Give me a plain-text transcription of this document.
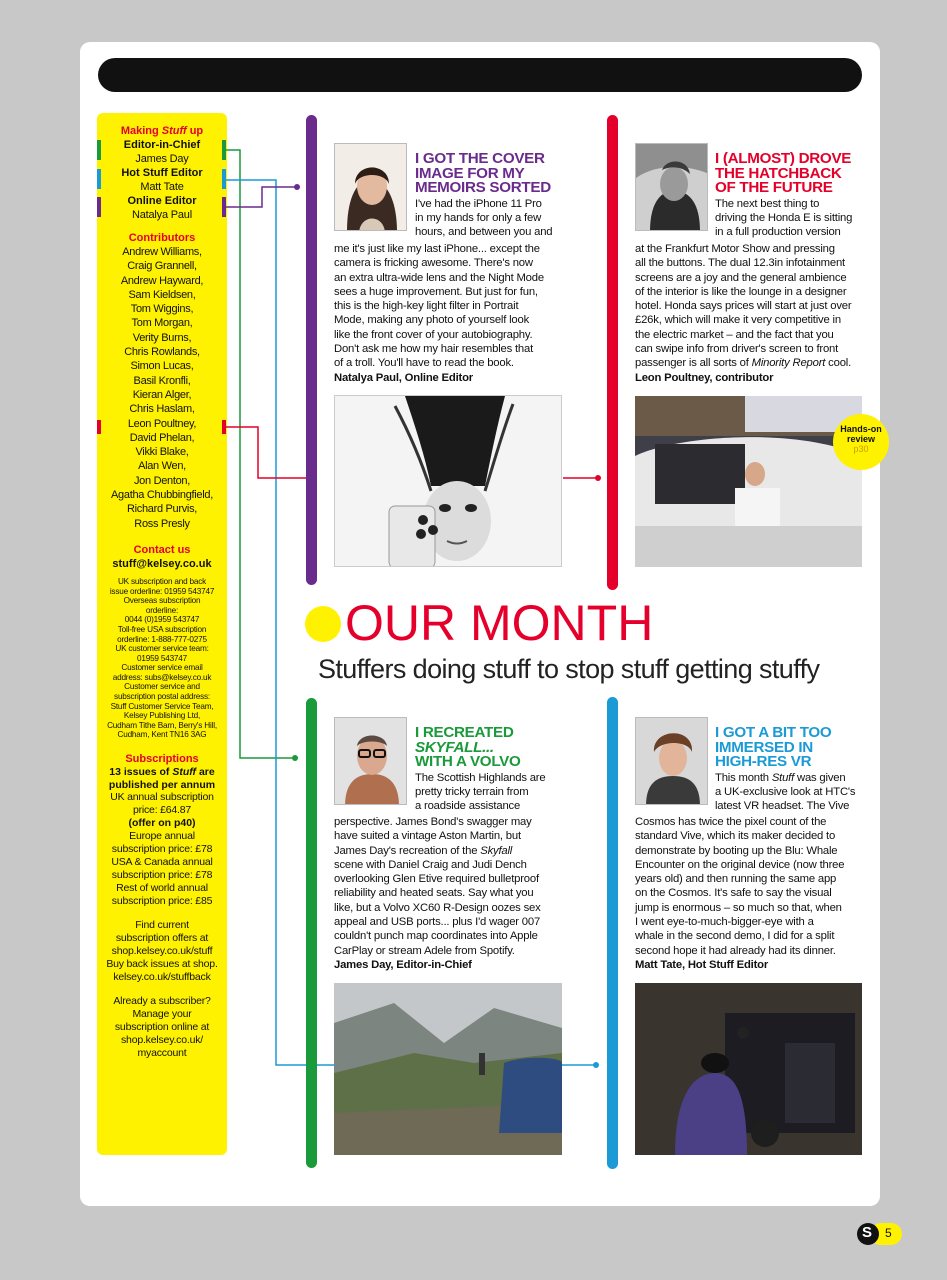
Making Stuff up
Editor-in-Chief
James Day
Hot Stuff Editor
Matt Tate
Online Editor
Natalya Paul
Contributors
Andrew Williams,
Craig Grannell,
Andrew Hayward,
Sam Kieldsen,
Tom Wiggins,
Tom Morgan,
Verity Burns,
Chris Rowlands,
Simon Lucas,
Basil Kronfli,
Kieran Alger,
Chris Haslam,
Leon Poultney,
David Phelan,
Vikki Blake,
Alan Wen,
Jon Denton,
Agatha Chubbingfield,
Richard Purvis,
Ross Presly
Contact us
stuff@kelsey.co.uk
UK subscription and back
issue orderline: 01959 543747
Overseas subscription
orderline:
0044 (0)1959 543747
Toll-free USA subscription
orderline: 1-888-777-0275
UK customer service team:
01959 543747
Customer service email
address: subs@kelsey.co.uk
Customer service and
subscription postal address:
Stuff Customer Service Team,
Kelsey Publishing Ltd,
Cudham Tithe Barn, Berry's Hill,
Cudham, Kent TN16 3AG
Subscriptions
13 issues of Stuff are
published per annum
UK annual subscription
price: £64.87
(offer on p40)
Europe annual
subscription price: £78
USA & Canada annual
subscription price: £78
Rest of world annual
subscription price: £85
Find current
subscription offers at
shop.kelsey.co.uk/stuff
Buy back issues at shop.
kelsey.co.uk/stuffback
Already a subscriber?
Manage your
subscription online at
shop.kelsey.co.uk/
myaccount
I GOT THE COVER
IMAGE FOR MY
MEMOIRS SORTED
I've had the iPhone 11 Pro
in my hands for only a few
hours, and between you and
me it's just like my last iPhone... except the
camera is fricking awesome. There's now
an extra ultra-wide lens and the Night Mode
sees a huge improvement. But just for fun,
this is the high-key light filter in Portrait
Mode, making any photo of yourself look
like the front cover of your autobiography.
Don't ask me how my hair resembles that
of a troll. You'll have to read the book.
Natalya Paul, Online Editor
I (ALMOST) DROVE
THE HATCHBACK
OF THE FUTURE
The next best thing to
driving the Honda E is sitting
in a full production version
at the Frankfurt Motor Show and pressing
all the buttons. The dual 12.3in infotainment
screens are a joy and the general ambience
of the interior is like the lounge in a designer
hotel. Honda says prices will start at just over
£26k, which will make it very competitive in
the electric market – and the fact that you
can swipe info from driver's screen to front
passenger is all sorts of Minority Report cool.
Leon Poultney, contributor
Hands-on
review
p30
OUR MONTH
Stuffers doing stuff to stop stuff getting stuffy
I RECREATED
SKYFALL...
WITH A VOLVO
The Scottish Highlands are
pretty tricky terrain from
a roadside assistance
perspective. James Bond's swagger may
have suited a vintage Aston Martin, but
James Day's recreation of the Skyfall
scene with Daniel Craig and Judi Dench
overlooking Glen Etive required bulletproof
reliability and heated seats. Say what you
like, but a Volvo XC60 R-Design oozes sex
appeal and USB ports... plus I'd wager 007
couldn't punch map coordinates into Apple
CarPlay or stream Adele from Spotify.
James Day, Editor-in-Chief
I GOT A BIT TOO
IMMERSED IN
HIGH-RES VR
This month Stuff was given
a UK-exclusive look at HTC's
latest VR headset. The Vive
Cosmos has twice the pixel count of the
standard Vive, which its maker decided to
demonstrate by booting up the Blu: Whale
Encounter on the original device (now three
years old) and then running the same app
on the Cosmos. It's safe to say the visual
jump is enormous – so much so that, when
I went eye-to-much-bigger-eye with a
whale in the second demo, I did for a split
second hope it had already had its dinner.
Matt Tate, Hot Stuff Editor
S 5
